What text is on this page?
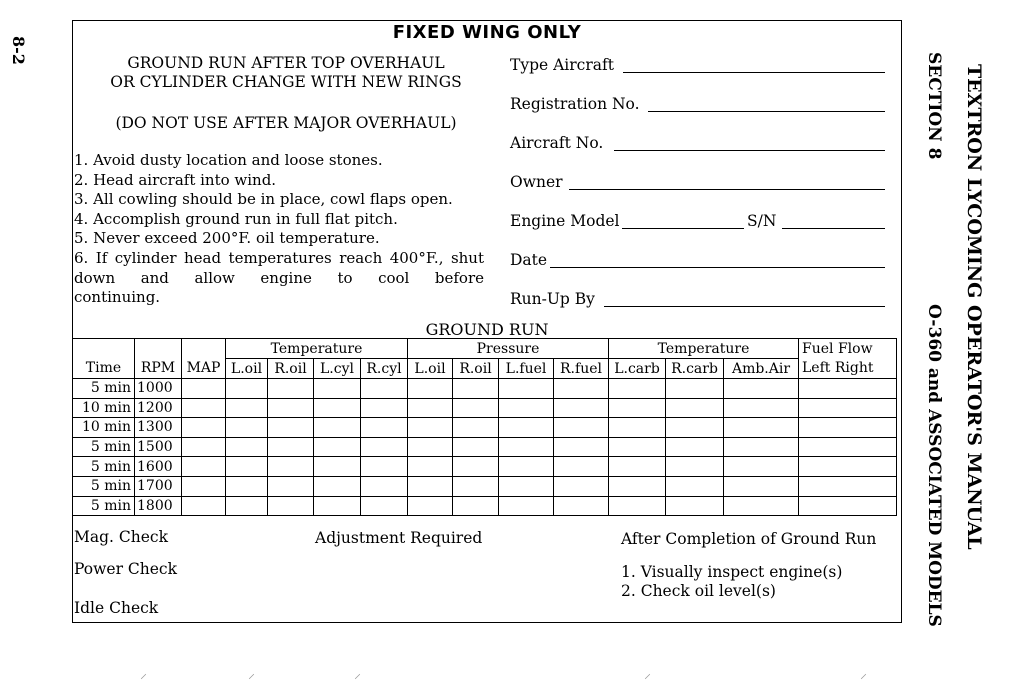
8-2
TEXTRON LYCOMING OPERATOR'S MANUAL
SECTION 8
O-360 and ASSOCIATED MODELS
FIXED WING ONLY
GROUND RUN AFTER TOP OVERHAUL
OR CYLINDER CHANGE WITH NEW RINGS
(DO NOT USE AFTER MAJOR OVERHAUL)
1. Avoid dusty location and loose stones.
2. Head aircraft into wind.
3. All cowling should be in place, cowl flaps open.
4. Accomplish ground run in full flat pitch.
5. Never exceed 200°F. oil temperature.
6. If cylinder head temperatures reach 400°F., shut down and allow engine to cool before
continuing.
Type Aircraft
Registration No.
Aircraft No.
Owner
Engine Model	S/N
Date
Run-Up By
GROUND RUN
			Temperature				Pressure				Temperature			Fuel Flow
Time	RPM	MAP	L.oil	R.oil	L.cyl	R.cyl	L.oil	R.oil	L.fuel	R.fuel	L.carb	R.carb	Amb.Air	Left Right
5 min	1000													
10 min	1200													
10 min	1300													
5 min	1500													
5 min	1600													
5 min	1700													
5 min	1800													
Mag. Check
Power Check
Idle Check
Adjustment Required	After Completion of Ground Run
1. Visually inspect engine(s)
2. Check oil level(s)
⸝	⸝	⸝	⸝	⸝
